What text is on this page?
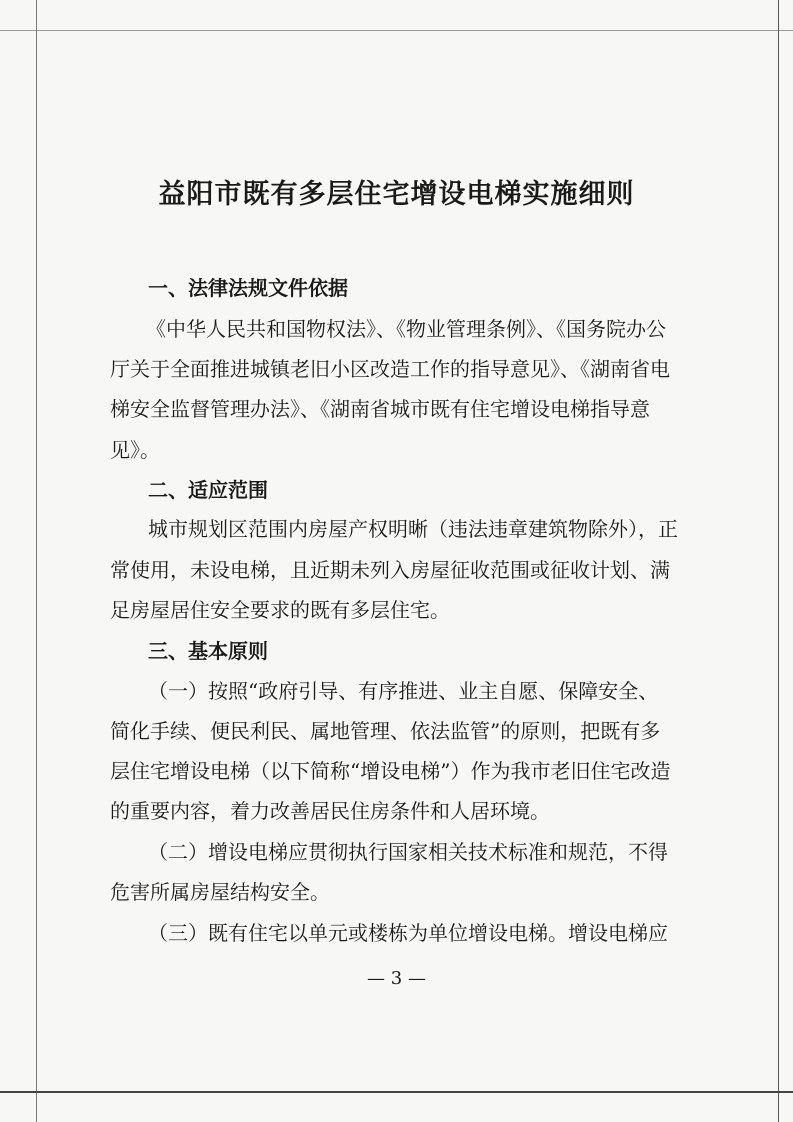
益阳市既有多层住宅增设电梯实施细则
一、法律法规文件依据
《中华人民共和国物权法》、《物业管理条例》、《国务院办公
厅关于全面推进城镇老旧小区改造工作的指导意见》、《湖南省电
梯安全监督管理办法》、《湖南省城市既有住宅增设电梯指导意
见》。
二、适应范围
城市规划区范围内房屋产权明晰（违法违章建筑物除外），正
常使用，未设电梯，且近期未列入房屋征收范围或征收计划、满
足房屋居住安全要求的既有多层住宅。
三、基本原则
（一）按照“政府引导、有序推进、业主自愿、保障安全、
简化手续、便民利民、属地管理、依法监管”的原则，把既有多
层住宅增设电梯（以下简称“增设电梯”）作为我市老旧住宅改造
的重要内容，着力改善居民住房条件和人居环境。
（二）增设电梯应贯彻执行国家相关技术标准和规范，不得
危害所属房屋结构安全。
（三）既有住宅以单元或楼栋为单位增设电梯。增设电梯应
— 3 —
